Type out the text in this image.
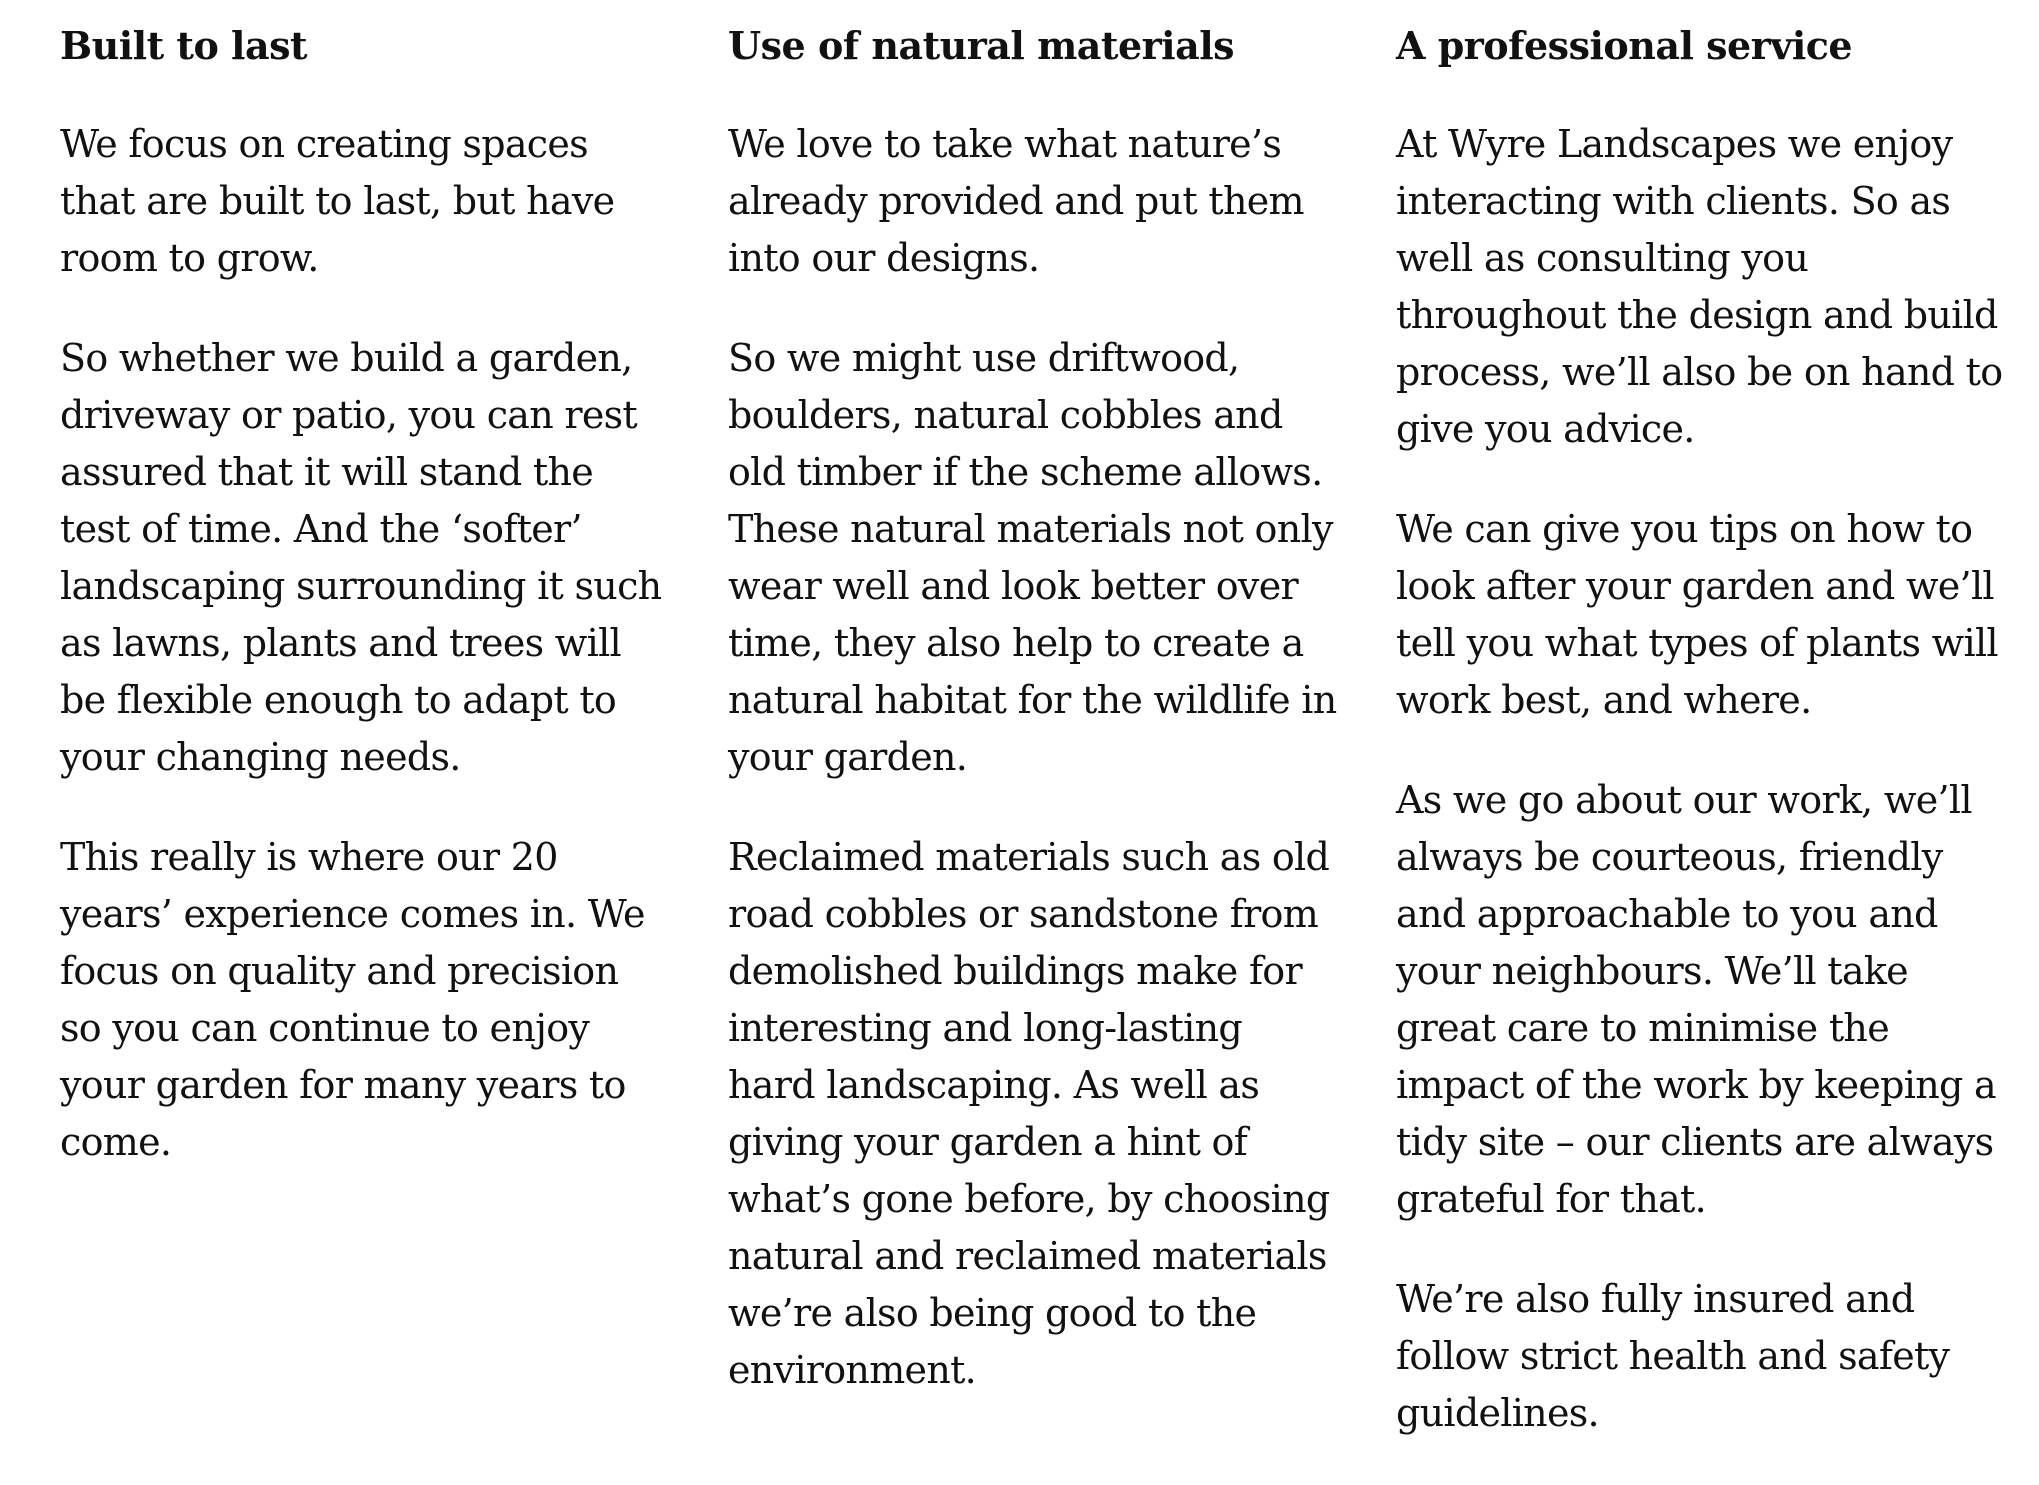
Built to last

We focus on creating spaces that are built to last, but have room to grow.

So whether we build a garden, driveway or patio, you can rest assured that it will stand the test of time. And the ‘softer’ landscaping surrounding it such as lawns, plants and trees will be flexible enough to adapt to your changing needs.

This really is where our 20 years’ experience comes in. We focus on quality and precision so you can continue to enjoy your garden for many years to come.

Use of natural materials

We love to take what nature’s already provided and put them into our designs.

So we might use driftwood, boulders, natural cobbles and old timber if the scheme allows. These natural materials not only wear well and look better over time, they also help to create a natural habitat for the wildlife in your garden.

Reclaimed materials such as old road cobbles or sandstone from demolished buildings make for interesting and long-lasting hard landscaping. As well as giving your garden a hint of what’s gone before, by choosing natural and reclaimed materials we’re also being good to the environment.

A professional service

At Wyre Landscapes we enjoy interacting with clients. So as well as consulting you throughout the design and build process, we’ll also be on hand to give you advice.

We can give you tips on how to look after your garden and we’ll tell you what types of plants will work best, and where.

As we go about our work, we’ll always be courteous, friendly and approachable to you and your neighbours. We’ll take great care to minimise the impact of the work by keeping a tidy site – our clients are always grateful for that.

We’re also fully insured and follow strict health and safety guidelines.
